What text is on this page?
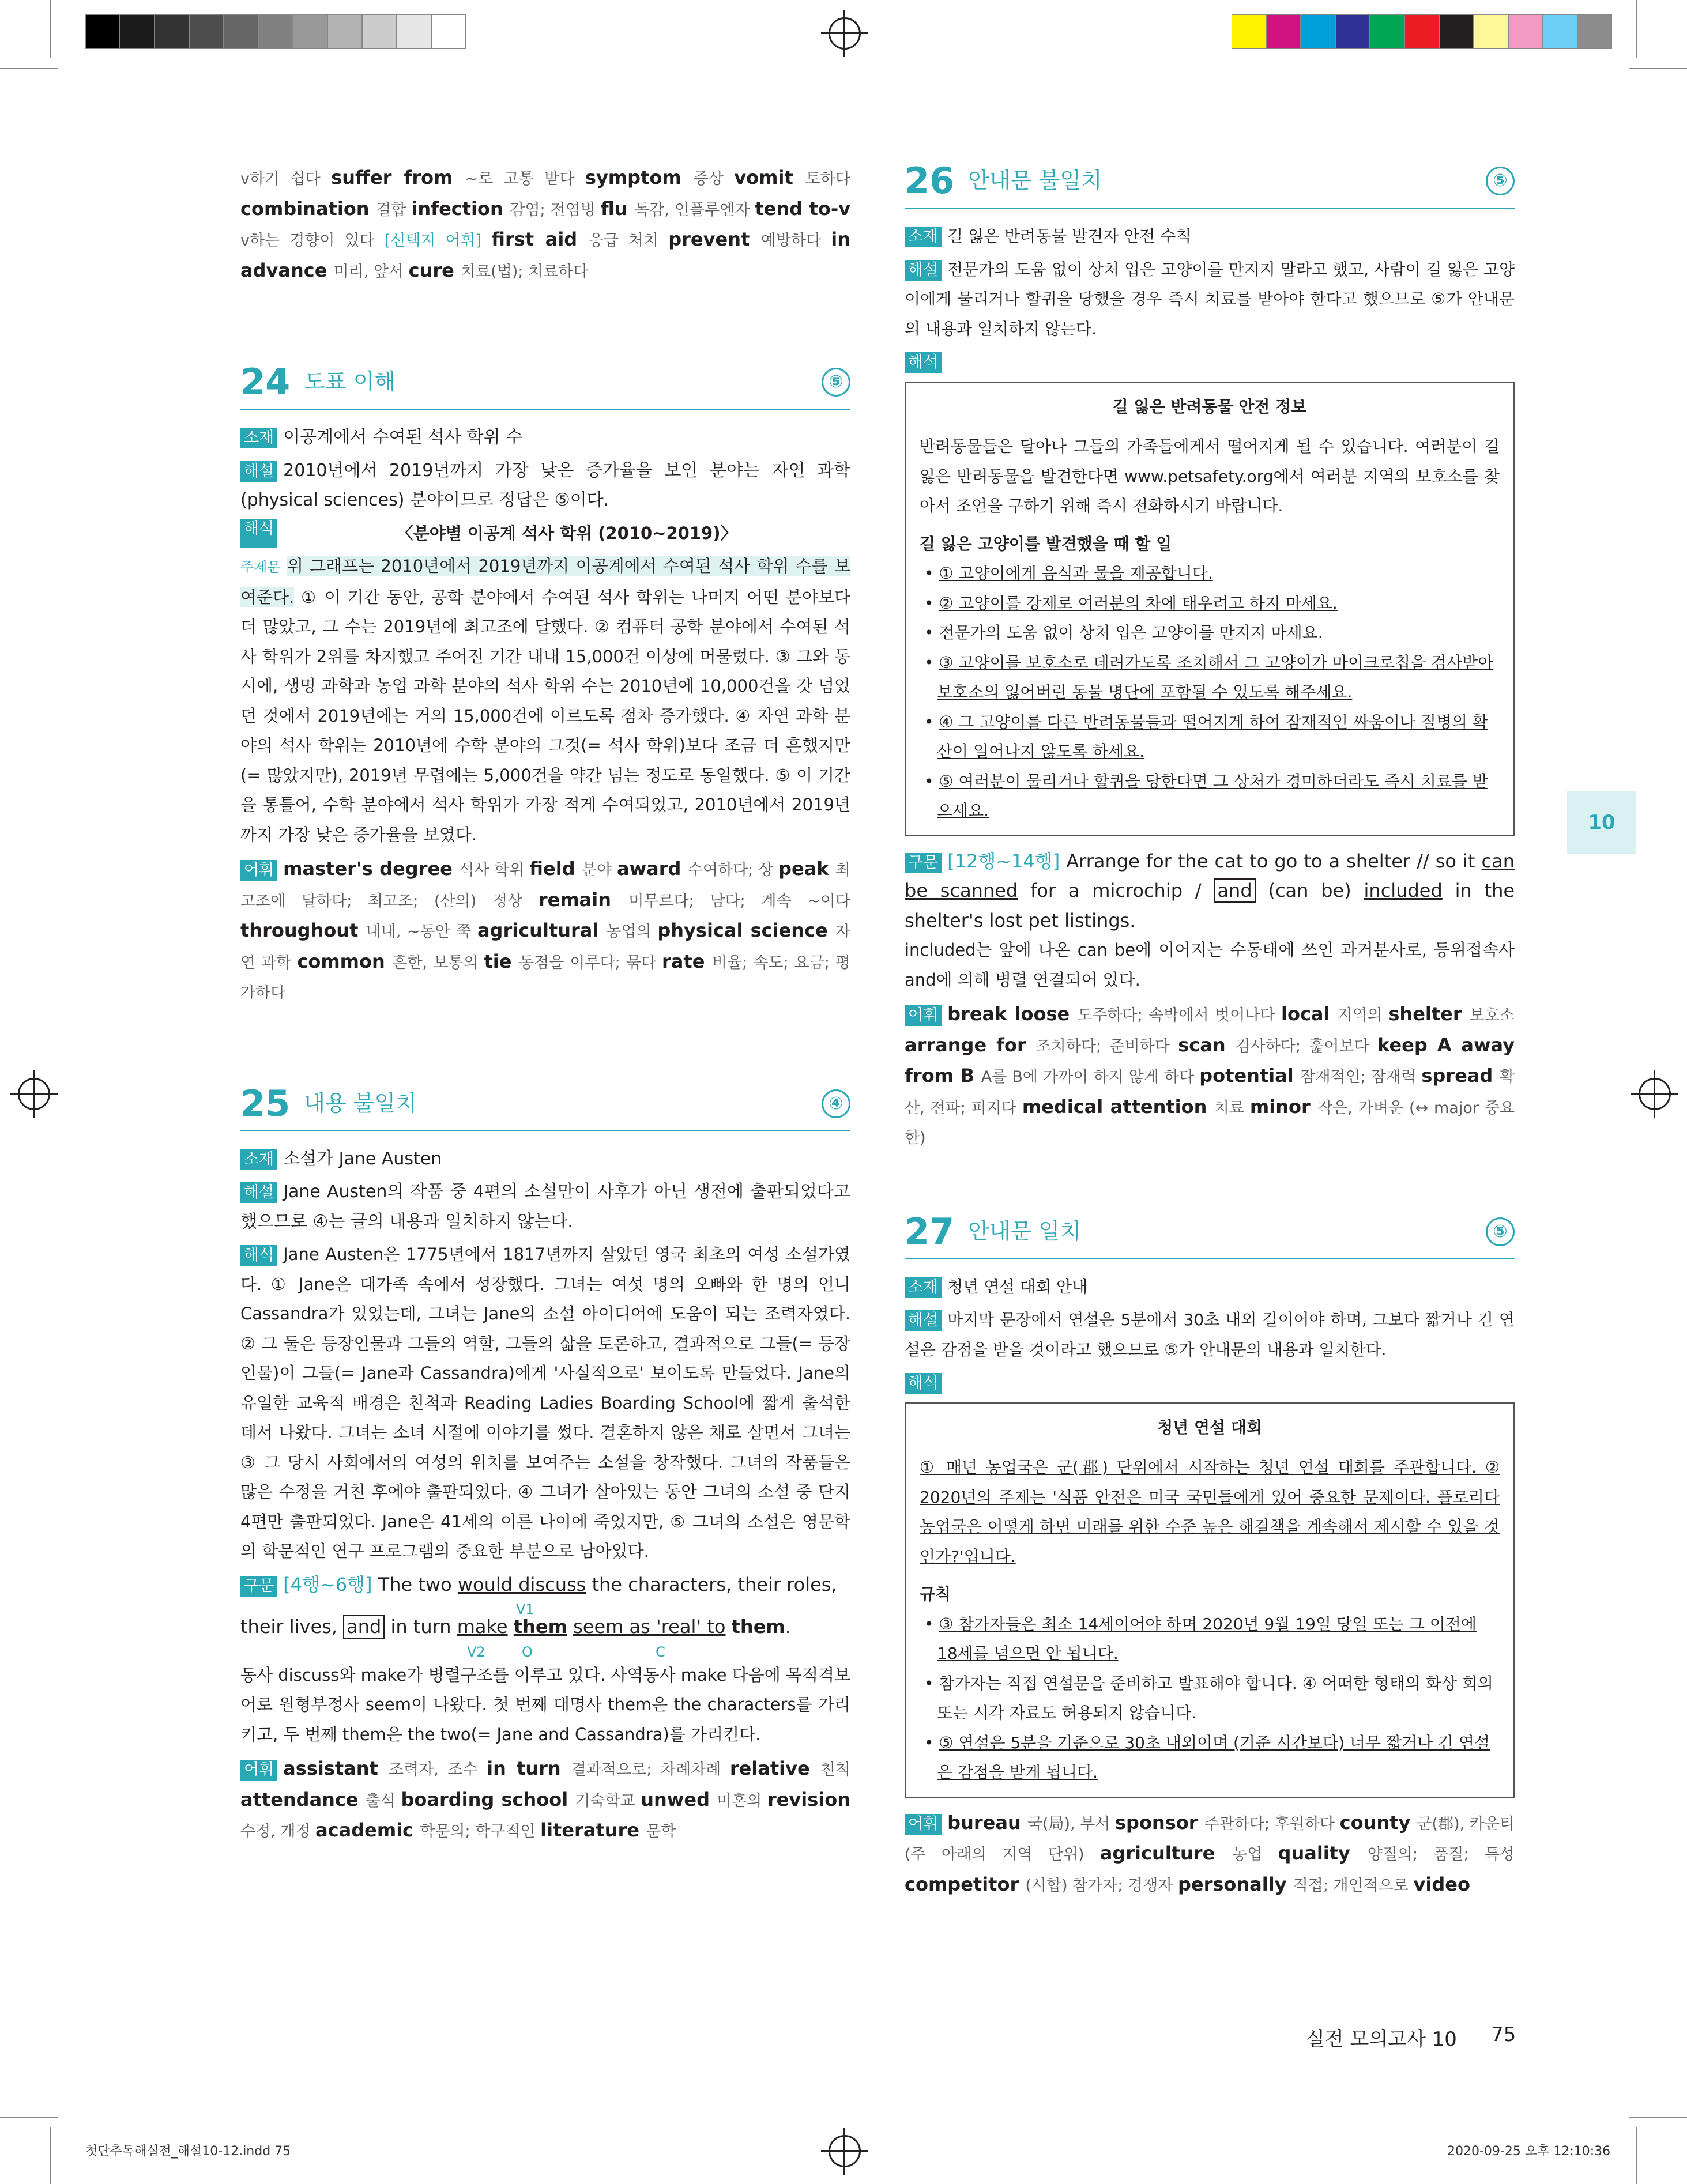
v하기 쉽다 suffer from ~로 고통 받다 symptom 증상 vomit 토하다 combination 결합 infection 감염; 전염병 flu 독감, 인플루엔자 tend to-v v하는 경향이 있다 [선택지 어휘] first aid 응급 처치 prevent 예방하다 in advance 미리, 앞서 cure 치료(법); 치료하다

24 도표 이해	⑤
소재 이공계에서 수여된 석사 학위 수
해설 2010년에서 2019년까지 가장 낮은 증가율을 보인 분야는 자연 과학(physical sciences) 분야이므로 정답은 ⑤이다.
해석	〈분야별 이공계 석사 학위 (2010~2019)〉

주제문 위 그래프는 2010년에서 2019년까지 이공계에서 수여된 석사 학위 수를 보여준다. ① 이 기간 동안, 공학 분야에서 수여된 석사 학위는 나머지 어떤 분야보다 더 많았고, 그 수는 2019년에 최고조에 달했다. ② 컴퓨터 공학 분야에서 수여된 석사 학위가 2위를 차지했고 주어진 기간 내내 15,000건 이상에 머물렀다. ③ 그와 동시에, 생명 과학과 농업 과학 분야의 석사 학위 수는 2010년에 10,000건을 갓 넘었던 것에서 2019년에는 거의 15,000건에 이르도록 점차 증가했다. ④ 자연 과학 분야의 석사 학위는 2010년에 수학 분야의 그것(= 석사 학위)보다 조금 더 흔했지만(= 많았지만), 2019년 무렵에는 5,000건을 약간 넘는 정도로 동일했다. ⑤ 이 기간을 통틀어, 수학 분야에서 석사 학위가 가장 적게 수여되었고, 2010년에서 2019년까지 가장 낮은 증가율을 보였다.

어휘 master's degree 석사 학위 field 분야 award 수여하다; 상 peak 최고조에 달하다; 최고조; (산의) 정상 remain 머무르다; 남다; 계속 ~이다 throughout 내내, ~동안 쭉 agricultural 농업의 physical science 자연 과학 common 흔한, 보통의 tie 동점을 이루다; 묶다 rate 비율; 속도; 요금; 평가하다

25 내용 불일치	④
소재 소설가 Jane Austen
해설 Jane Austen의 작품 중 4편의 소설만이 사후가 아닌 생전에 출판되었다고 했으므로 ④는 글의 내용과 일치하지 않는다.

해석 Jane Austen은 1775년에서 1817년까지 살았던 영국 최초의 여성 소설가였다. ① Jane은 대가족 속에서 성장했다. 그녀는 여섯 명의 오빠와 한 명의 언니 Cassandra가 있었는데, 그녀는 Jane의 소설 아이디어에 도움이 되는 조력자였다. ② 그 둘은 등장인물과 그들의 역할, 그들의 삶을 토론하고, 결과적으로 그들(= 등장인물)이 그들(= Jane과 Cassandra)에게 '사실적으로' 보이도록 만들었다. Jane의 유일한 교육적 배경은 친척과 Reading Ladies Boarding School에 짧게 출석한 데서 나왔다. 그녀는 소녀 시절에 이야기를 썼다. 결혼하지 않은 채로 살면서 그녀는 ③ 그 당시 사회에서의 여성의 위치를 보여주는 소설을 창작했다. 그녀의 작품들은 많은 수정을 거친 후에야 출판되었다. ④ 그녀가 살아있는 동안 그녀의 소설 중 단지 4편만 출판되었다. Jane은 41세의 이른 나이에 죽었지만, ⑤ 그녀의 소설은 영문학의 학문적인 연구 프로그램의 중요한 부분으로 남아있다.

구문 [4행~6행] The two would discuss the characters, their roles,

V1

their lives, and in turn make them seem as 'real' to them.

V2	O	C

동사 discuss와 make가 병렬구조를 이루고 있다. 사역동사 make 다음에 목적격보어로 원형부정사 seem이 나왔다. 첫 번째 대명사 them은 the characters를 가리키고, 두 번째 them은 the two(= Jane and Cassandra)를 가리킨다.

어휘 assistant 조력자, 조수 in turn 결과적으로; 차례차례 relative 친척 attendance 출석 boarding school 기숙학교 unwed 미혼의 revision 수정, 개정 academic 학문의; 학구적인 literature 문학

26 안내문 불일치	⑤
소재 길 잃은 반려동물 발견자 안전 수칙
해설 전문가의 도움 없이 상처 입은 고양이를 만지지 말라고 했고, 사람이 길 잃은 고양이에게 물리거나 할퀴을 당했을 경우 즉시 치료를 받아야 한다고 했으므로 ⑤가 안내문의 내용과 일치하지 않는다.
해석
길 잃은 반려동물 안전 정보
반려동물들은 달아나 그들의 가족들에게서 떨어지게 될 수 있습니다. 여러분이 길 잃은 반려동물을 발견한다면 www.petsafety.org에서 여러분 지역의 보호소를 찾아서 조언을 구하기 위해 즉시 전화하시기 바랍니다.
길 잃은 고양이를 발견했을 때 할 일
• ① 고양이에게 음식과 물을 제공합니다.
• ② 고양이를 강제로 여러분의 차에 태우려고 하지 마세요.
• 전문가의 도움 없이 상처 입은 고양이를 만지지 마세요.
• ③ 고양이를 보호소로 데려가도록 조치해서 그 고양이가 마이크로칩을 검사받아 보호소의 잃어버린 동물 명단에 포함될 수 있도록 해주세요.
• ④ 그 고양이를 다른 반려동물들과 떨어지게 하여 잠재적인 싸움이나 질병의 확산이 일어나지 않도록 하세요.
• ⑤ 여러분이 물리거나 할퀴을 당한다면 그 상처가 경미하더라도 즉시 치료를 받으세요.

구문 [12행~14행] Arrange for the cat to go to a shelter // so it can be scanned for a microchip / and (can be) included in the shelter's lost pet listings.

included는 앞에 나온 can be에 이어지는 수동태에 쓰인 과거분사로, 등위접속사 and에 의해 병렬 연결되어 있다.

어휘 break loose 도주하다; 속박에서 벗어나다 local 지역의 shelter 보호소 arrange for 조치하다; 준비하다 scan 검사하다; 훑어보다 keep A away from B A를 B에 가까이 하지 않게 하다 potential 잠재적인; 잠재력 spread 확산, 전파; 퍼지다 medical attention 치료 minor 작은, 가벼운 (↔ major 중요한)

27 안내문 일치	⑤
소재 청년 연설 대회 안내
해설 마지막 문장에서 연설은 5분에서 30초 내외 길이어야 하며, 그보다 짧거나 긴 연설은 감점을 받을 것이라고 했으므로 ⑤가 안내문의 내용과 일치한다.
해석
청년 연설 대회
① 매년 농업국은 군(郡) 단위에서 시작하는 청년 연설 대회를 주관합니다. ② 2020년의 주제는 '식품 안전은 미국 국민들에게 있어 중요한 문제이다. 플로리다 농업국은 어떻게 하면 미래를 위한 수준 높은 해결책을 계속해서 제시할 수 있을 것인가?'입니다.
규칙
• ③ 참가자들은 최소 14세이어야 하며 2020년 9월 19일 당일 또는 그 이전에 18세를 넘으면 안 됩니다.
• 참가자는 직접 연설문을 준비하고 발표해야 합니다. ④ 어떠한 형태의 화상 회의 또는 시각 자료도 허용되지 않습니다.
• ⑤ 연설은 5분을 기준으로 30초 내외이며 (기준 시간보다) 너무 짧거나 긴 연설은 감점을 받게 됩니다.

어휘 bureau 국(局), 부서 sponsor 주관하다; 후원하다 county 군(郡), 카운티(주 아래의 지역 단위) agriculture 농업 quality 양질의; 품질; 특성 competitor (시합) 참가자; 경쟁자 personally 직접; 개인적으로 video

10
실전 모의고사 10 75
첫단추독해실전_해설10-12.indd 75	2020-09-25 오후 12:10:36
